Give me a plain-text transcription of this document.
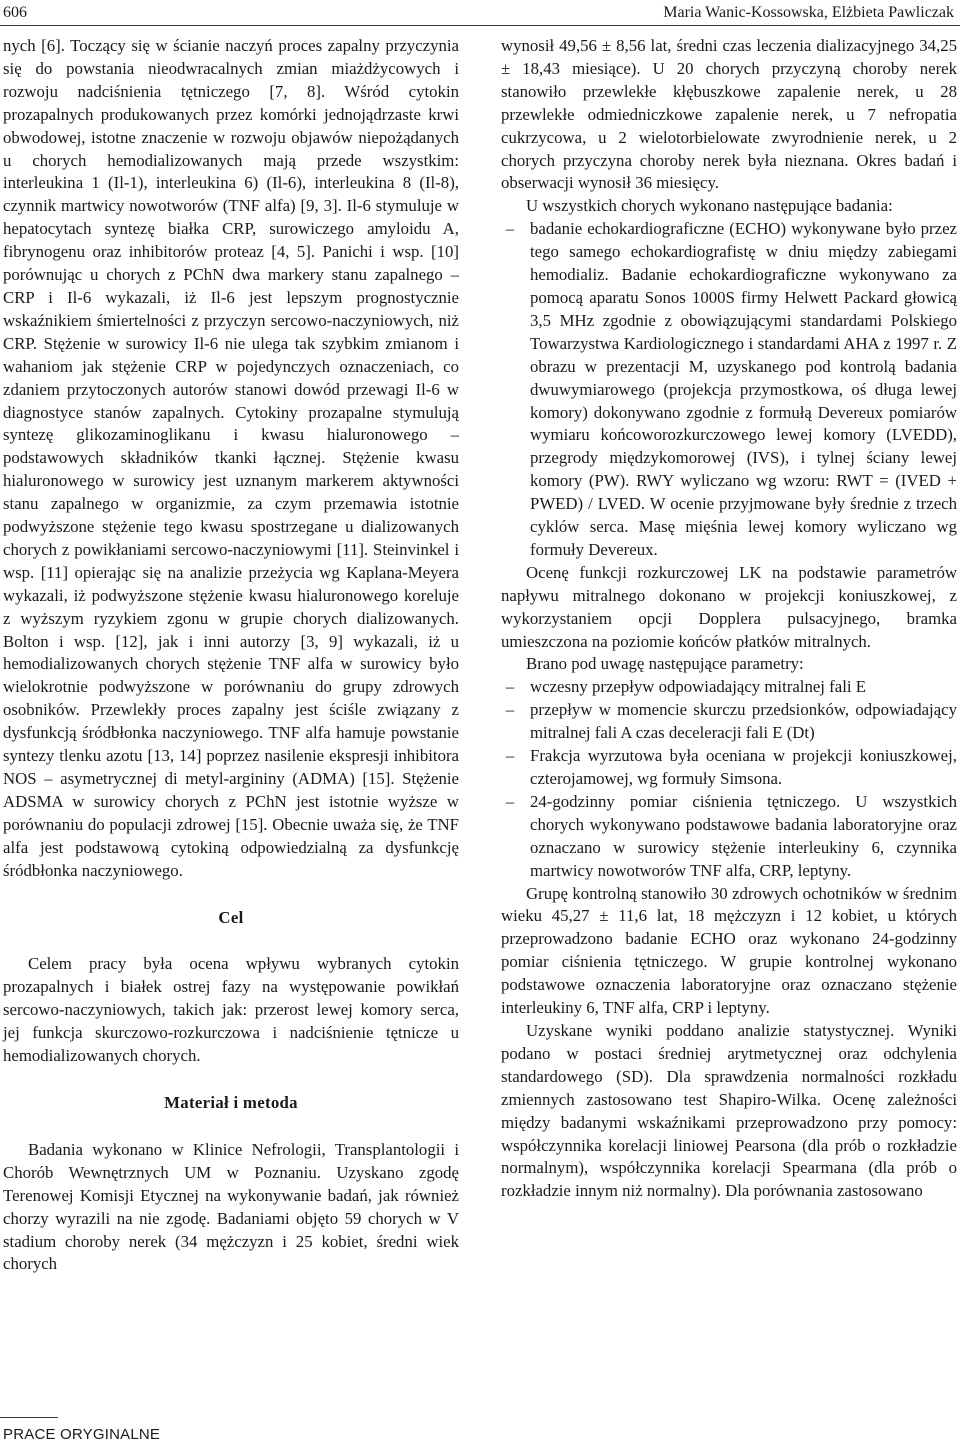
606	Maria Wanic-Kossowska, Elżbieta Pawliczak

nych [6]. Toczący się w ścianie naczyń proces zapalny przyczynia się do powstania nieodwracalnych zmian miażdżycowych i rozwoju nadciśnienia tętniczego [7, 8]. Wśród cytokin prozapalnych produkowanych przez komórki jednojądrzaste krwi obwodowej, istotne znaczenie w rozwoju objawów niepożądanych u chorych hemodializowanych mają przede wszystkim: interleukina 1 (Il-1), interleukina 6) (Il-6), interleukina 8 (Il-8), czynnik martwicy nowotworów (TNF alfa) [9, 3]. Il-6 stymuluje w hepatocytach syntezę białka CRP, surowiczego amyloidu A, fibrynogenu oraz inhibitorów proteaz [4, 5]. Panichi i wsp. [10] porównując u chorych z PChN dwa markery stanu zapalnego – CRP i Il-6 wykazali, iż Il-6 jest lepszym prognostycznie wskaźnikiem śmiertelności z przyczyn sercowo-naczyniowych, niż CRP. Stężenie w surowicy Il-6 nie ulega tak szybkim zmianom i wahaniom jak stężenie CRP w pojedynczych oznaczeniach, co zdaniem przytoczonych autorów stanowi dowód przewagi Il-6 w diagnostyce stanów zapalnych. Cytokiny prozapalne stymulują syntezę glikozaminoglikanu i kwasu hialuronowego – podstawowych składników tkanki łącznej. Stężenie kwasu hialuronowego w surowicy jest uznanym markerem aktywności stanu zapalnego w organizmie, za czym przemawia istotnie podwyższone stężenie tego kwasu spostrzegane u dializowanych chorych z powikłaniami sercowo-naczyniowymi [11]. Steinvinkel i wsp. [11] opierając się na analizie przeżycia wg Kaplana-Meyera wykazali, iż podwyższone stężenie kwasu hialuronowego koreluje z wyższym ryzykiem zgonu w grupie chorych dializowanych. Bolton i wsp. [12], jak i inni autorzy [3, 9] wykazali, iż u hemodializowanych chorych stężenie TNF alfa w surowicy było wielokrotnie podwyższone w porównaniu do grupy zdrowych osobników. Przewlekły proces zapalny jest ściśle związany z dysfunkcją śródbłonka naczyniowego. TNF alfa hamuje powstanie syntezy tlenku azotu [13, 14] poprzez nasilenie ekspresji inhibitora NOS – asymetrycznej di metyl-argininy (ADMA) [15]. Stężenie ADSMA w surowicy chorych z PChN jest istotnie wyższe w porównaniu do populacji zdrowej [15]. Obecnie uważa się, że TNF alfa jest podstawową cytokiną odpowiedzialną za dysfunkcję śródbłonka naczyniowego.

Cel

Celem pracy była ocena wpływu wybranych cytokin prozapalnych i białek ostrej fazy na występowanie powikłań sercowo-naczyniowych, takich jak: przerost lewej komory serca, jej funkcja skurczowo-rozkurczowa i nadciśnienie tętnicze u hemodializowanych chorych.

Materiał i metoda

Badania wykonano w Klinice Nefrologii, Transplantologii i Chorób Wewnętrznych UM w Poznaniu. Uzyskano zgodę Terenowej Komisji Etycznej na wykonywanie badań, jak również chorzy wyrazili na nie zgodę. Badaniami objęto 59 chorych w V stadium choroby nerek (34 mężczyzn i 25 kobiet, średni wiek chorych

wynosił 49,56 ± 8,56 lat, średni czas leczenia dializacyjnego 34,25 ± 18,43 miesiące). U 20 chorych przyczyną choroby nerek stanowiło przewlekłe kłębuszkowe zapalenie nerek, u 28 przewlekłe odmiedniczkowe zapalenie nerek, u 7 nefropatia cukrzycowa, u 2 wielotorbielowate zwyrodnienie nerek, u 2 chorych przyczyna choroby nerek była nieznana. Okres badań i obserwacji wynosił 36 miesięcy.

U wszystkich chorych wykonano następujące badania:

– badanie echokardiograficzne (ECHO) wykonywane było przez tego samego echokardiografistę w dniu między zabiegami hemodializ. Badanie echokardiograficzne wykonywano za pomocą aparatu Sonos 1000S firmy Helwett Packard głowicą 3,5 MHz zgodnie z obowiązującymi standardami Polskiego Towarzystwa Kardiologicznego i standardami AHA z 1997 r. Z obrazu w prezentacji M, uzyskanego pod kontrolą badania dwuwymiarowego (projekcja przymostkowa, oś długa lewej komory) dokonywano zgodnie z formułą Devereux pomiarów wymiaru końcoworozkurczowego lewej komory (LVEDD), przegrody międzykomorowej (IVS), i tylnej ściany lewej komory (PW). RWY wyliczano wg wzoru: RWT = (IVED + PWED) / LVED. W ocenie przyjmowane były średnie z trzech cyklów serca. Masę mięśnia lewej komory wyliczano wg formuły Devereux.

Ocenę funkcji rozkurczowej LK na podstawie parametrów napływu mitralnego dokonano w projekcji koniuszkowej, z wykorzystaniem opcji Dopplera pulsacyjnego, bramka umieszczona na poziomie końców płatków mitralnych.

Brano pod uwagę następujące parametry:

– wczesny przepływ odpowiadający mitralnej fali E
– przepływ w momencie skurczu przedsionków, odpowiadający mitralnej fali A czas deceleracji fali E (Dt)
– Frakcja wyrzutowa była oceniana w projekcji koniuszkowej, czterojamowej, wg formuły Simsona.
– 24-godzinny pomiar ciśnienia tętniczego. U wszystkich chorych wykonywano podstawowe badania laboratoryjne oraz oznaczano w surowicy stężenie interleukiny 6, czynnika martwicy nowotworów TNF alfa, CRP, leptyny.

Grupę kontrolną stanowiło 30 zdrowych ochotników w średnim wieku 45,27 ± 11,6 lat, 18 mężczyzn i 12 kobiet, u których przeprowadzono badanie ECHO oraz wykonano 24-godzinny pomiar ciśnienia tętniczego. W grupie kontrolnej wykonano podstawowe oznaczenia laboratoryjne oraz oznaczano stężenie interleukiny 6, TNF alfa, CRP i leptyny.

Uzyskane wyniki poddano analizie statystycznej. Wyniki podano w postaci średniej arytmetycznej oraz odchylenia standardowego (SD). Dla sprawdzenia normalności rozkładu zmiennych zastosowano test Shapiro-Wilka. Ocenę zależności między badanymi wskaźnikami przeprowadzono przy pomocy: współczynnika korelacji liniowej Pearsona (dla prób o rozkładzie normalnym), współczynnika korelacji Spearmana (dla prób o rozkładzie innym niż normalny). Dla porównania zastosowano

PRACE ORYGINALNE
